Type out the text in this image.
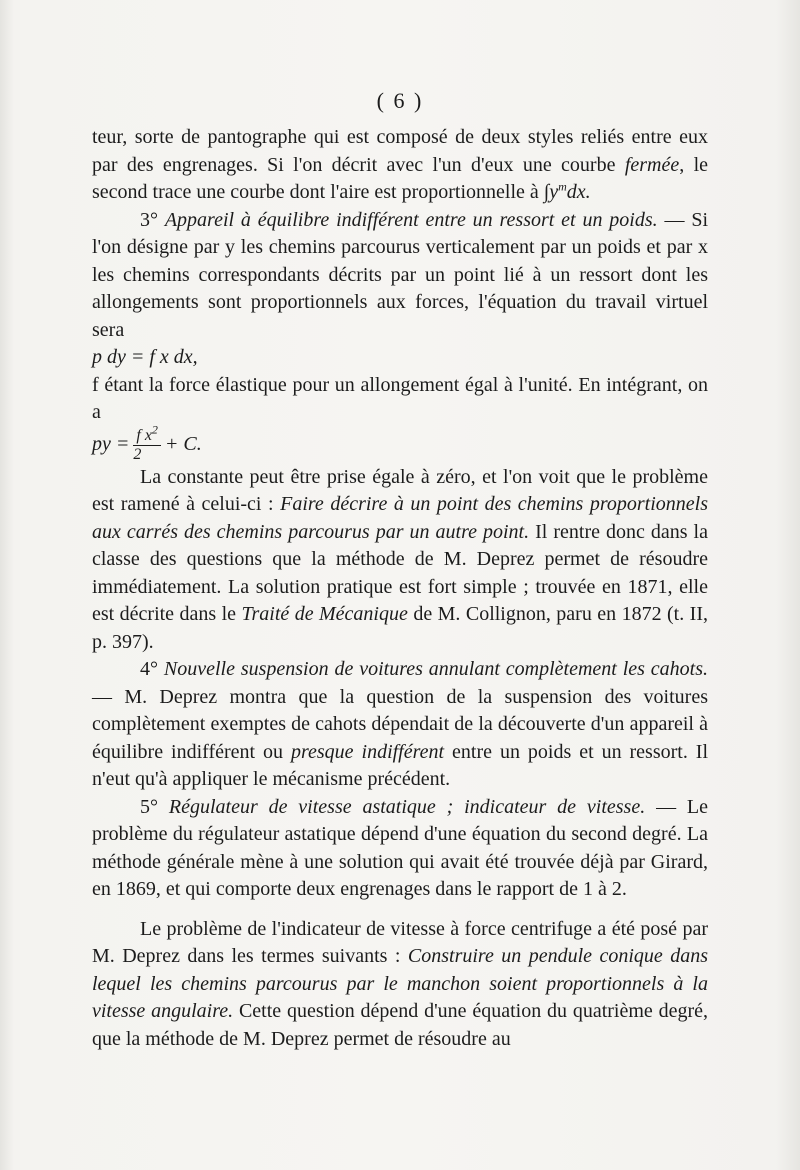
( 6 )

teur, sorte de pantographe qui est composé de deux styles reliés entre eux par des engrenages. Si l'on décrit avec l'un d'eux une courbe fermée, le second trace une courbe dont l'aire est proportionnelle à $\int y^mdx$.

3° Appareil à équilibre indifférent entre un ressort et un poids. — Si l'on désigne par y les chemins parcourus verticalement par un poids et par x les chemins correspondants décrits par un point lié à un ressort dont les allongements sont proportionnels aux forces, l'équation du travail virtuel sera

p dy = f x dx,

f étant la force élastique pour un allongement égal à l'unité. En intégrant, on a

py = $\frac{f x^2}{2} + C$.

La constante peut être prise égale à zéro, et l'on voit que le problème est ramené à celui-ci : Faire décrire à un point des chemins proportionnels aux carrés des chemins parcourus par un autre point. Il rentre donc dans la classe des questions que la méthode de M. Deprez permet de résoudre immédiatement. La solution pratique est fort simple ; trouvée en 1871, elle est décrite dans le Traité de Mécanique de M. Collignon, paru en 1872 (t. II, p. 397).

4° Nouvelle suspension de voitures annulant complètement les cahots. — M. Deprez montra que la question de la suspension des voitures complètement exemptes de cahots dépendait de la découverte d'un appareil à équilibre indifférent ou presque indifférent entre un poids et un ressort. Il n'eut qu'à appliquer le mécanisme précédent.

5° Régulateur de vitesse astatique ; indicateur de vitesse. — Le problème du régulateur astatique dépend d'une équation du second degré. La méthode générale mène à une solution qui avait été trouvée déjà par Girard, en 1869, et qui comporte deux engrenages dans le rapport de 1 à 2.

Le problème de l'indicateur de vitesse à force centrifuge a été posé par M. Deprez dans les termes suivants : Construire un pendule conique dans lequel les chemins parcourus par le manchon soient proportionnels à la vitesse angulaire. Cette question dépend d'une équation du quatrième degré, que la méthode de M. Deprez permet de résoudre au
